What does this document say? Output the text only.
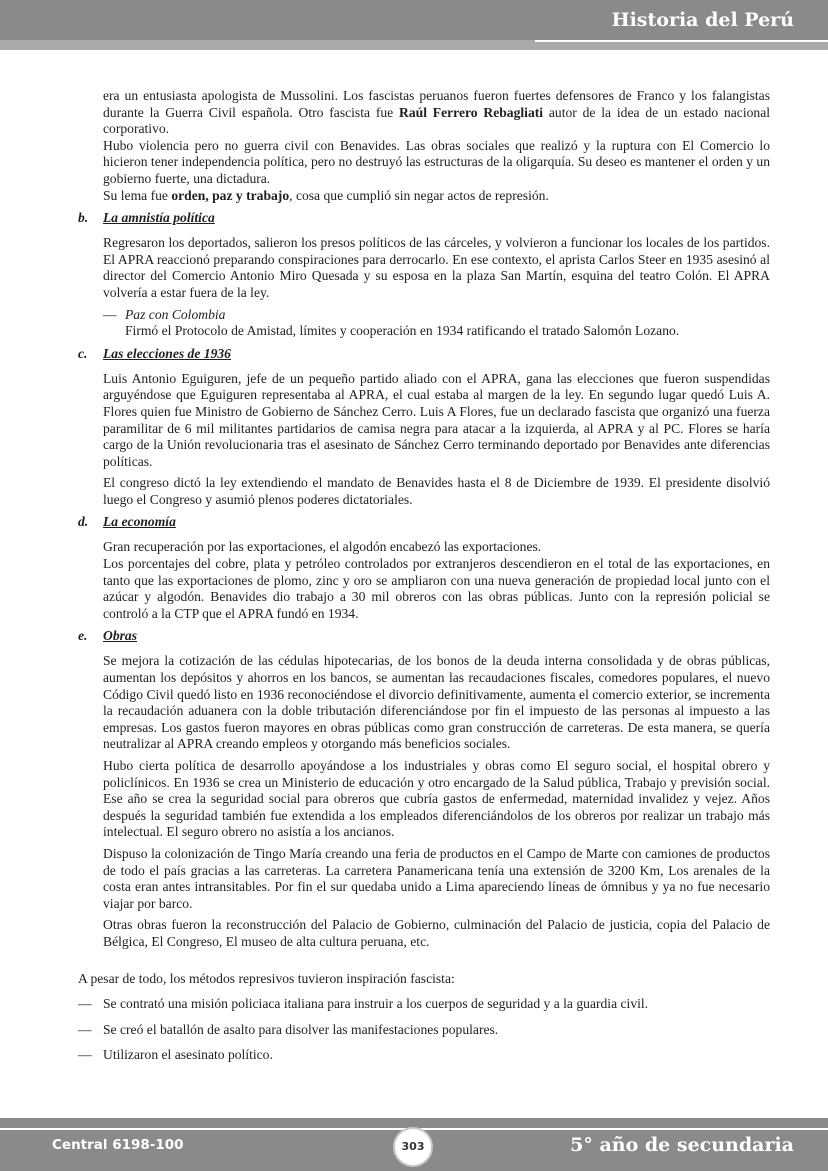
Historia del Perú

era un entusiasta apologista de Mussolini. Los fascistas peruanos fueron fuertes defensores de Franco y los falangistas durante la Guerra Civil española. Otro fascista fue Raúl Ferrero Rebagliati autor de la idea de un estado nacional corporativo.

Hubo violencia pero no guerra civil con Benavides. Las obras sociales que realizó y la ruptura con El Comercio lo hicieron tener independencia política, pero no destruyó las estructuras de la oligarquía. Su deseo es mantener el orden y un gobierno fuerte, una dictadura.

Su lema fue orden, paz y trabajo, cosa que cumplió sin negar actos de represión.

b. La amnistía política

Regresaron los deportados, salieron los presos políticos de las cárceles, y volvieron a funcionar los locales de los partidos. El APRA reaccionó preparando conspiraciones para derrocarlo. En ese contexto, el aprista Carlos Steer en 1935 asesinó al director del Comercio Antonio Miro Quesada y su esposa en la plaza San Martín, esquina del teatro Colón. El APRA volvería a estar fuera de la ley.

— Paz con Colombia

Firmó el Protocolo de Amistad, límites y cooperación en 1934 ratificando el tratado Salomón Lozano.

c. Las elecciones de 1936

Luis Antonio Eguiguren, jefe de un pequeño partido aliado con el APRA, gana las elecciones que fueron suspendidas arguyéndose que Eguiguren representaba al APRA, el cual estaba al margen de la ley. En segundo lugar quedó Luis A. Flores quien fue Ministro de Gobierno de Sánchez Cerro. Luis A Flores, fue un declarado fascista que organizó una fuerza paramilitar de 6 mil militantes partidarios de camisa negra para atacar a la izquierda, al APRA y al PC. Flores se haría cargo de la Unión revolucionaria tras el asesinato de Sánchez Cerro terminando deportado por Benavides ante diferencias políticas.

El congreso dictó la ley extendiendo el mandato de Benavides hasta el 8 de Diciembre de 1939. El presidente disolvió luego el Congreso y asumió plenos poderes dictatoriales.

d. La economía

Gran recuperación por las exportaciones, el algodón encabezó las exportaciones.

Los porcentajes del cobre, plata y petróleo controlados por extranjeros descendieron en el total de las exportaciones, en tanto que las exportaciones de plomo, zinc y oro se ampliaron con una nueva generación de propiedad local junto con el azúcar y algodón. Benavides dio trabajo a 30 mil obreros con las obras públicas. Junto con la represión policial se controló a la CTP que el APRA fundó en 1934.

e. Obras

Se mejora la cotización de las cédulas hipotecarias, de los bonos de la deuda interna consolidada y de obras públicas, aumentan los depósitos y ahorros en los bancos, se aumentan las recaudaciones fiscales, comedores populares, el nuevo Código Civil quedó listo en 1936 reconociéndose el divorcio definitivamente, aumenta el comercio exterior, se incrementa la recaudación aduanera con la doble tributación diferenciándose por fin el impuesto de las personas al impuesto a las empresas. Los gastos fueron mayores en obras públicas como gran construcción de carreteras. De esta manera, se quería neutralizar al APRA creando empleos y otorgando más beneficios sociales.

Hubo cierta política de desarrollo apoyándose a los industriales y obras como El seguro social, el hospital obrero y policlínicos. En 1936 se crea un Ministerio de educación y otro encargado de la Salud pública, Trabajo y previsión social. Ese año se crea la seguridad social para obreros que cubría gastos de enfermedad, maternidad invalidez y vejez. Años después la seguridad también fue extendida a los empleados diferenciándolos de los obreros por realizar un trabajo más intelectual. El seguro obrero no asistía a los ancianos.

Dispuso la colonización de Tingo María creando una feria de productos en el Campo de Marte con camiones de productos de todo el país gracias a las carreteras. La carretera Panamericana tenía una extensión de 3200 Km, Los arenales de la costa eran antes intransitables. Por fin el sur quedaba unido a Lima apareciendo líneas de ómnibus y ya no fue necesario viajar por barco.

Otras obras fueron la reconstrucción del Palacio de Gobierno, culminación del Palacio de justicia, copia del Palacio de Bélgica, El Congreso, El museo de alta cultura peruana, etc.

A pesar de todo, los métodos represivos tuvieron inspiración fascista:

— Se contrató una misión policiaca italiana para instruir a los cuerpos de seguridad y a la guardia civil.

— Se creó el batallón de asalto para disolver las manifestaciones populares.

— Utilizaron el asesinato político.

Central 6198-100	303	5° año de secundaria
